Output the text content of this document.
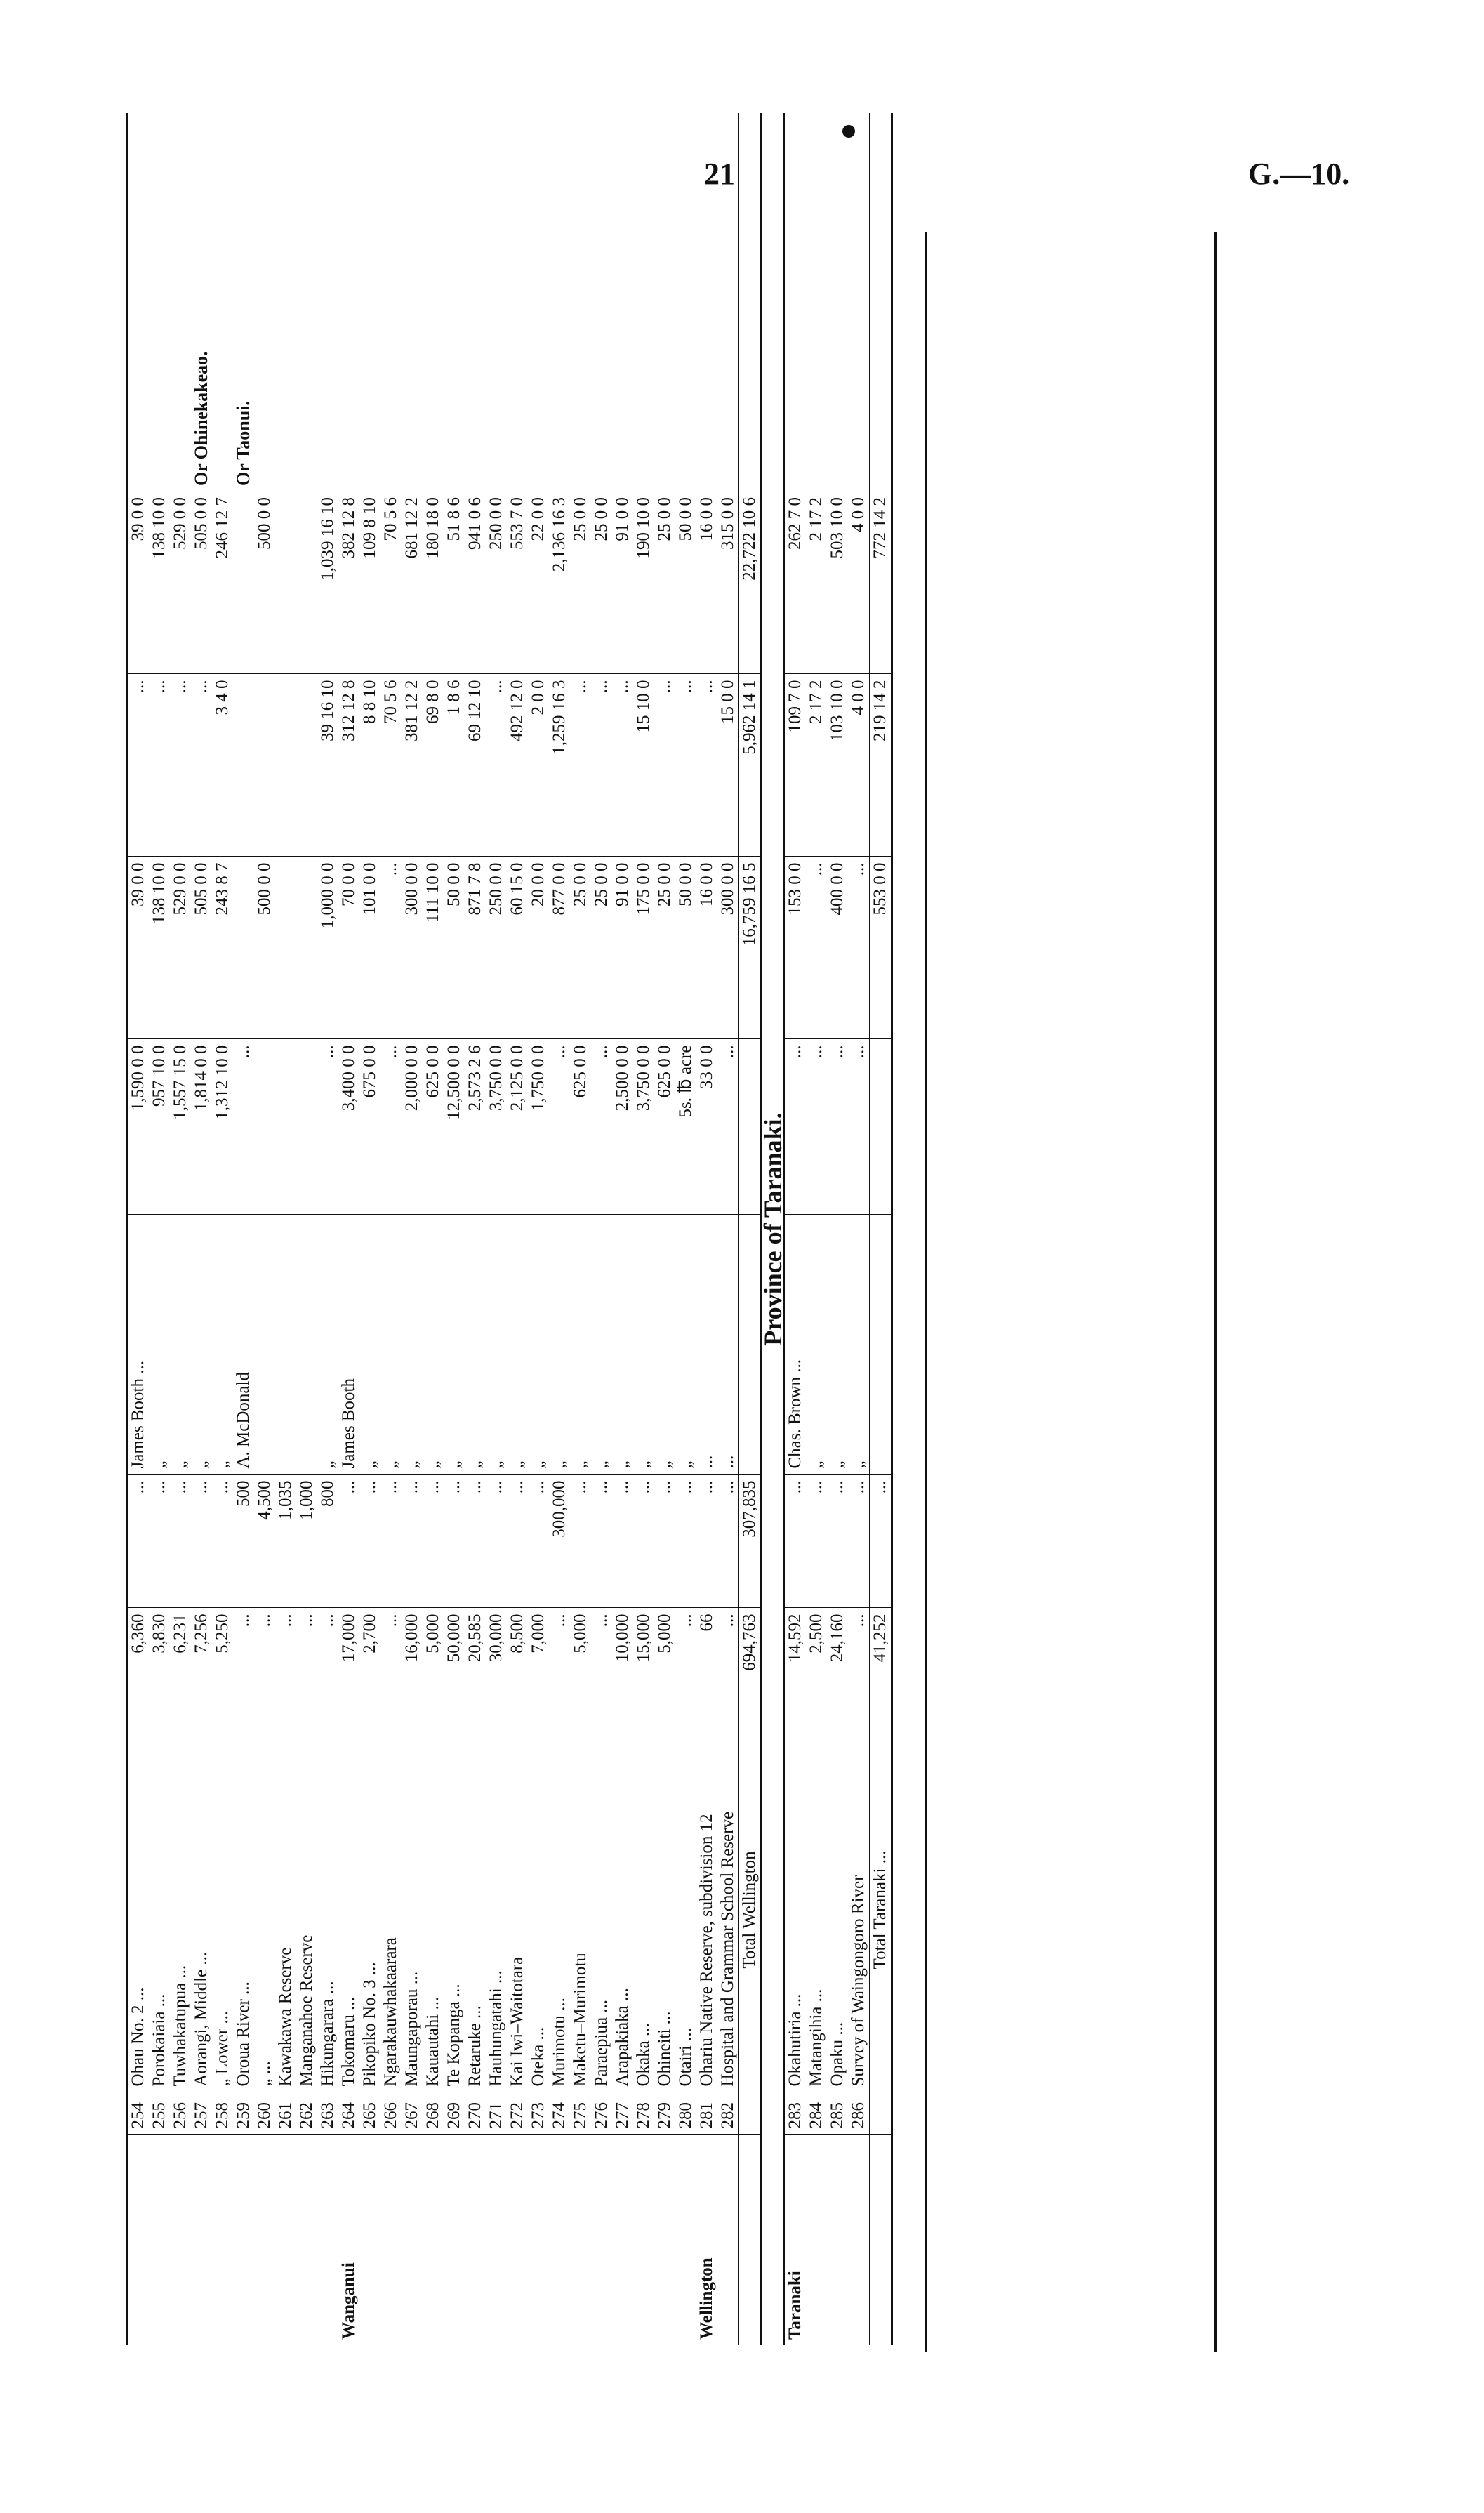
21	G.—10.
	254	Ohau No. 2 ...	6,360	...	James Booth ...	1,590 0 0	39 0 0	...	39 0 0	
	255	Porokaiaia ...	3,830	...	„	957 10 0	138 10 0	...	138 10 0	
	256	Tuwhakatupua ...	6,231	...	„	1,557 15 0	529 0 0	...	529 0 0	
	257	Aorangi, Middle ...	7,256	...	„	1,814 0 0	505 0 0	...	505 0 0	Or Ohinekakeao.
	258	„ Lower ...	5,250	...	„	1,312 10 0	243 8 7	3 4 0	246 12 7	
	259	Oroua River ...	...	500	A. McDonald	...				Or Taonui.
	260	„ ...	...	4,500			500 0 0		500 0 0	
	261	Kawakawa Reserve	...	1,035						
	262	Manganahoe Reserve	...	1,000						
	263	Hikungarara ...	...	800	„	...	1,000 0 0	39 16 10	1,039 16 10	
Wanganui	264	Tokomaru ...	17,000	...	James Booth	3,400 0 0	70 0 0	312 12 8	382 12 8	
	265	Pikopiko No. 3 ...	2,700	...	„	675 0 0	101 0 0	8 8 10	109 8 10	
	266	Ngarakauwhakaarara	...	...	„	...	...	70 5 6	70 5 6	
	267	Maungaporau ...	16,000	...	„	2,000 0 0	300 0 0	381 12 2	681 12 2	
	268	Kauautahi ...	5,000	...	„	625 0 0	111 10 0	69 8 0	180 18 0	
	269	Te Kopanga ...	50,000	...	„	12,500 0 0	50 0 0	1 8 6	51 8 6	
	270	Retaruke ...	20,585	...	„	2,573 2 6	871 7 8	69 12 10	941 0 6	
	271	Hauhungatahi ...	30,000	...	„	3,750 0 0	250 0 0	...	250 0 0	
	272	Kai Iwi–Waitotara	8,500	...	„	2,125 0 0	60 15 0	492 12 0	553 7 0	
	273	Oteka ...	7,000	...	„	1,750 0 0	20 0 0	2 0 0	22 0 0	
	274	Murimotu ...	...	300,000	„	...	877 0 0	1,259 16 3	2,136 16 3	
	275	Maketu–Murimotu	5,000	...	„	625 0 0	25 0 0	...	25 0 0	
	276	Paraepiua ...	...	...	„	...	25 0 0	...	25 0 0	
	277	Arapakiaka ...	10,000	...	„	2,500 0 0	91 0 0	...	91 0 0	
	278	Okaka ...	15,000	...	„	3,750 0 0	175 0 0	15 10 0	190 10 0	
	279	Ohineiti ...	5,000	...	„	625 0 0	25 0 0	...	25 0 0	
	280	Otairi ...	...	...	„	5s. ℔ acre	50 0 0	...	50 0 0	
Wellington	281	Ohariu Native Reserve, subdivision 12	66	...	...	33 0 0	16 0 0	...	16 0 0	
	282	Hospital and Grammar School Reserve	...	...	...	...	300 0 0	15 0 0	315 0 0	
		Total Wellington	694,763	307,835			16,759 16 5	5,962 14 1	22,722 10 6	
Province of Taranaki.										
Taranaki	283	Okahutiria ...	14,592	...	Chas. Brown ...	...	153 0 0	109 7 0	262 7 0	
	284	Matangihia ...	2,500	...	„	...	...	2 17 2	2 17 2	
	285	Opaku ...	24,160	...	„	...	400 0 0	103 10 0	503 10 0	
	286	Survey of Waingongoro River	...	...	„	...	...	4 0 0	4 0 0	
		Total Taranaki ...	41,252	...			553 0 0	219 14 2	772 14 2	
